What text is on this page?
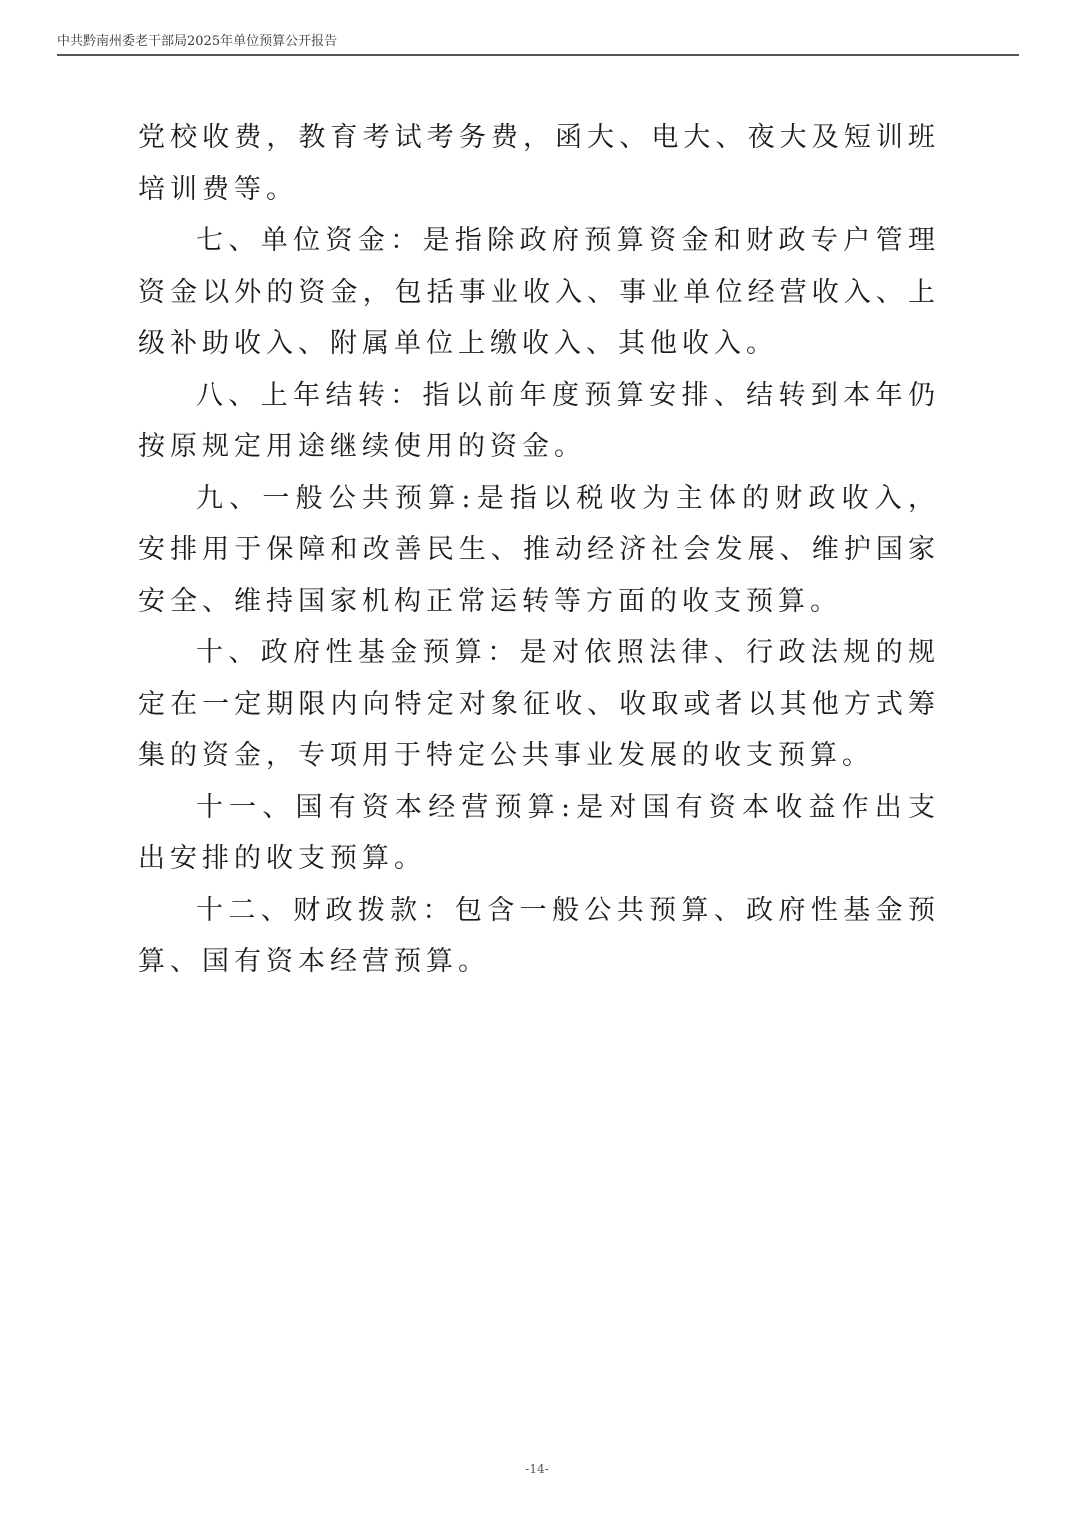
中共黔南州委老干部局2025年单位预算公开报告

党校收费，教育考试考务费，函大、电大、夜大及短训班培训费等。

七、单位资金：是指除政府预算资金和财政专户管理资金以外的资金，包括事业收入、事业单位经营收入、上级补助收入、附属单位上缴收入、其他收入。

八、上年结转：指以前年度预算安排、结转到本年仍按原规定用途继续使用的资金。

九、一般公共预算:是指以税收为主体的财政收入，安排用于保障和改善民生、推动经济社会发展、维护国家安全、维持国家机构正常运转等方面的收支预算。

十、政府性基金预算：是对依照法律、行政法规的规定在一定期限内向特定对象征收、收取或者以其他方式筹集的资金，专项用于特定公共事业发展的收支预算。

十一、国有资本经营预算:是对国有资本收益作出支出安排的收支预算。

十二、财政拨款：包含一般公共预算、政府性基金预算、国有资本经营预算。

-14-
